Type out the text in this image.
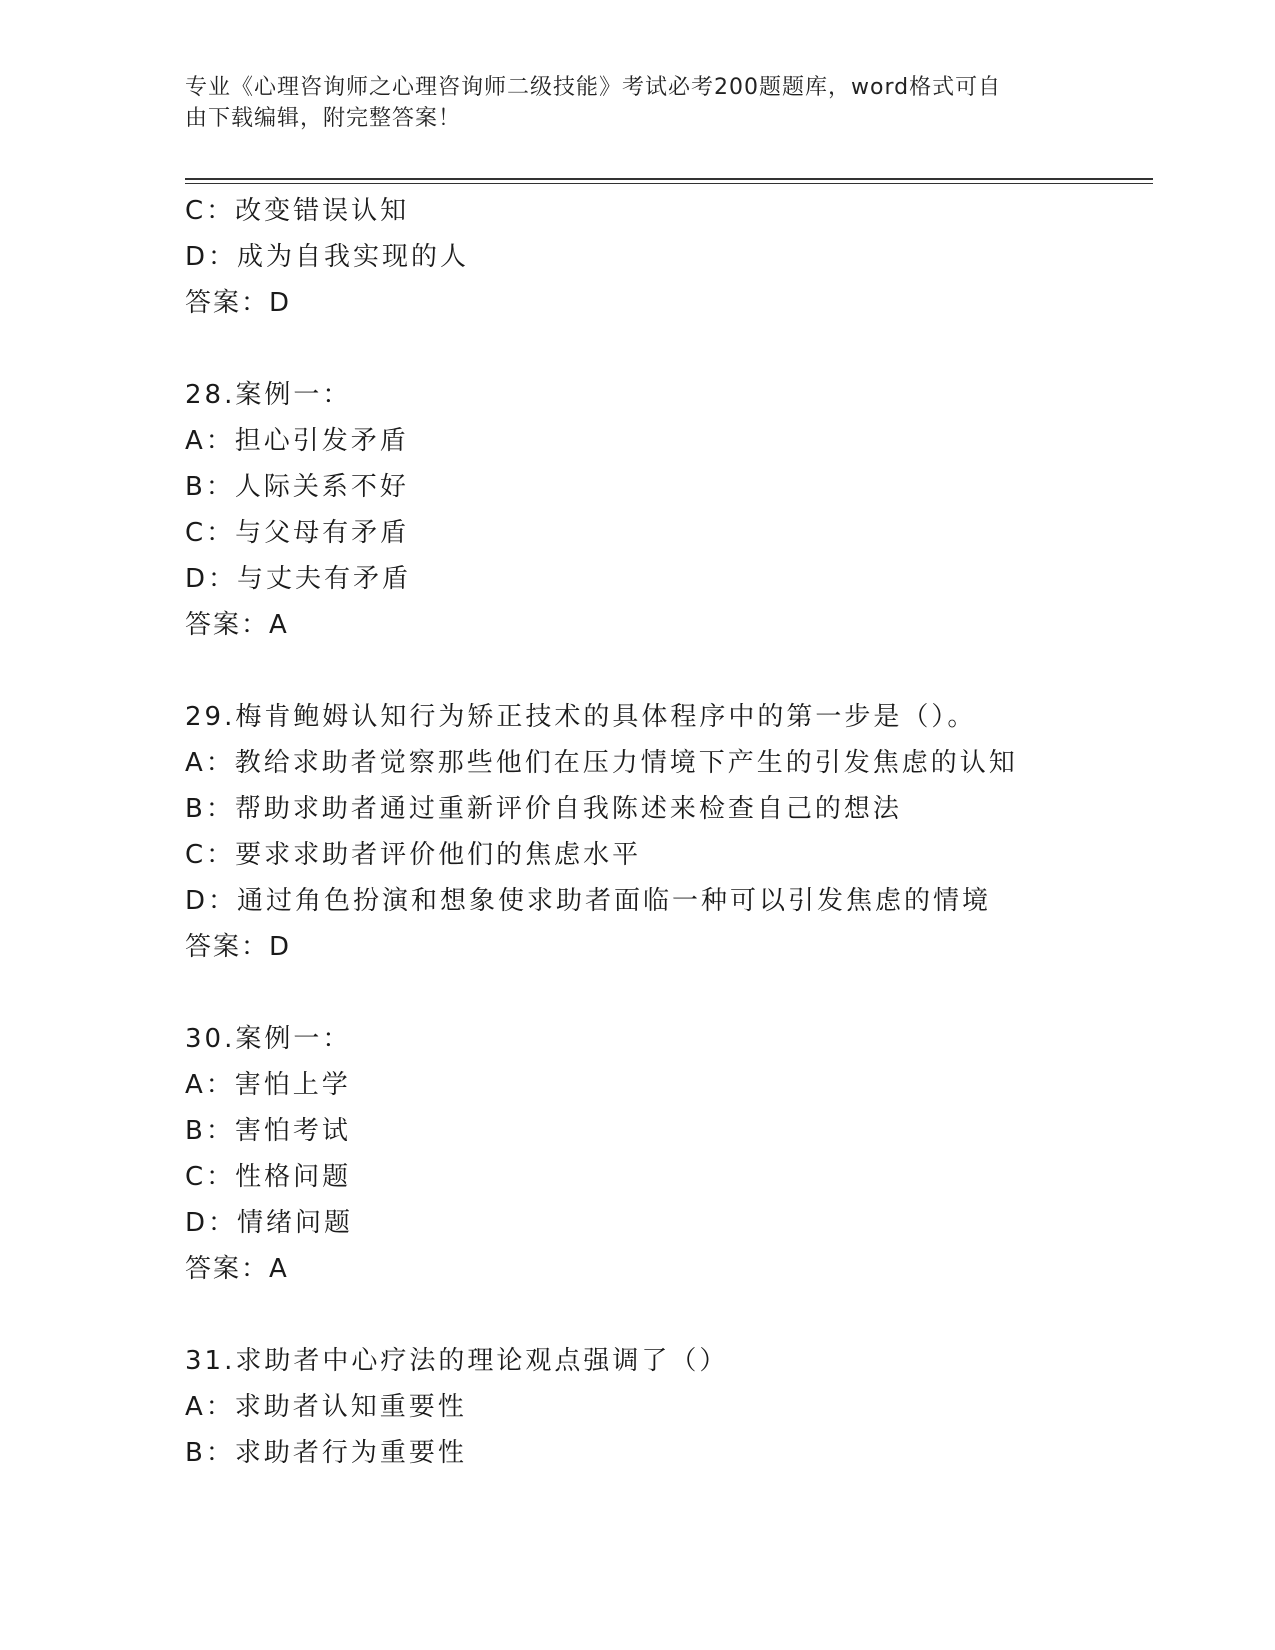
专业《心理咨询师之心理咨询师二级技能》考试必考200题题库，word格式可自
由下载编辑，附完整答案！
C：改变错误认知
D：成为自我实现的人
答案：D
28.案例一：
A：担心引发矛盾
B：人际关系不好
C：与父母有矛盾
D：与丈夫有矛盾
答案：A
29.梅肯鲍姆认知行为矫正技术的具体程序中的第一步是（）。
A：教给求助者觉察那些他们在压力情境下产生的引发焦虑的认知
B：帮助求助者通过重新评价自我陈述来检查自己的想法
C：要求求助者评价他们的焦虑水平
D：通过角色扮演和想象使求助者面临一种可以引发焦虑的情境
答案：D
30.案例一：
A：害怕上学
B：害怕考试
C：性格问题
D：情绪问题
答案：A
31.求助者中心疗法的理论观点强调了（）
A：求助者认知重要性
B：求助者行为重要性
